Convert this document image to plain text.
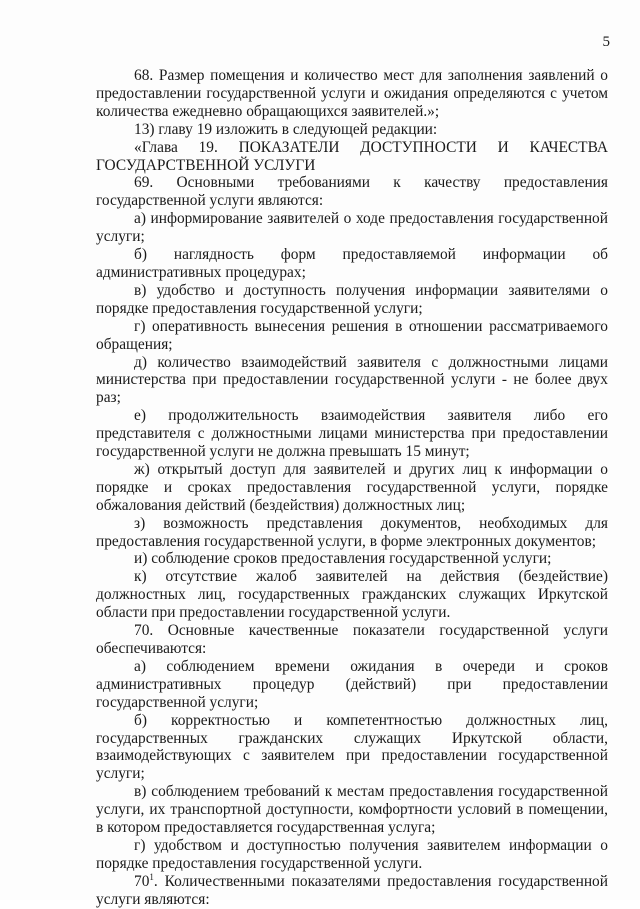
5

68. Размер помещения и количество мест для заполнения заявлений о предоставлении государственной услуги и ожидания определяются с учетом количества ежедневно обращающихся заявителей.»;

13) главу 19 изложить в следующей редакции:

«Глава 19. ПОКАЗАТЕЛИ ДОСТУПНОСТИ И КАЧЕСТВА ГОСУДАРСТВЕННОЙ УСЛУГИ

69. Основными требованиями к качеству предоставления государственной услуги являются:

а) информирование заявителей о ходе предоставления государственной услуги;

б) наглядность форм предоставляемой информации об административных процедурах;

в) удобство и доступность получения информации заявителями о порядке предоставления государственной услуги;

г) оперативность вынесения решения в отношении рассматриваемого обращения;

д) количество взаимодействий заявителя с должностными лицами министерства при предоставлении государственной услуги - не более двух раз;

е) продолжительность взаимодействия заявителя либо его представителя с должностными лицами министерства при предоставлении государственной услуги не должна превышать 15 минут;

ж) открытый доступ для заявителей и других лиц к информации о порядке и сроках предоставления государственной услуги, порядке обжалования действий (бездействия) должностных лиц;

з) возможность представления документов, необходимых для предоставления государственной услуги, в форме электронных документов;

и) соблюдение сроков предоставления государственной услуги;

к) отсутствие жалоб заявителей на действия (бездействие) должностных лиц, государственных гражданских служащих Иркутской области при предоставлении государственной услуги.

70. Основные качественные показатели государственной услуги обеспечиваются:

а) соблюдением времени ожидания в очереди и сроков административных процедур (действий) при предоставлении государственной услуги;

б) корректностью и компетентностью должностных лиц, государственных гражданских служащих Иркутской области, взаимодействующих с заявителем при предоставлении государственной услуги;

в) соблюдением требований к местам предоставления государственной услуги, их транспортной доступности, комфортности условий в помещении, в котором предоставляется государственная услуга;

г) удобством и доступностью получения заявителем информации о порядке предоставления государственной услуги.

$70^1$. Количественными показателями предоставления государственной услуги являются:
